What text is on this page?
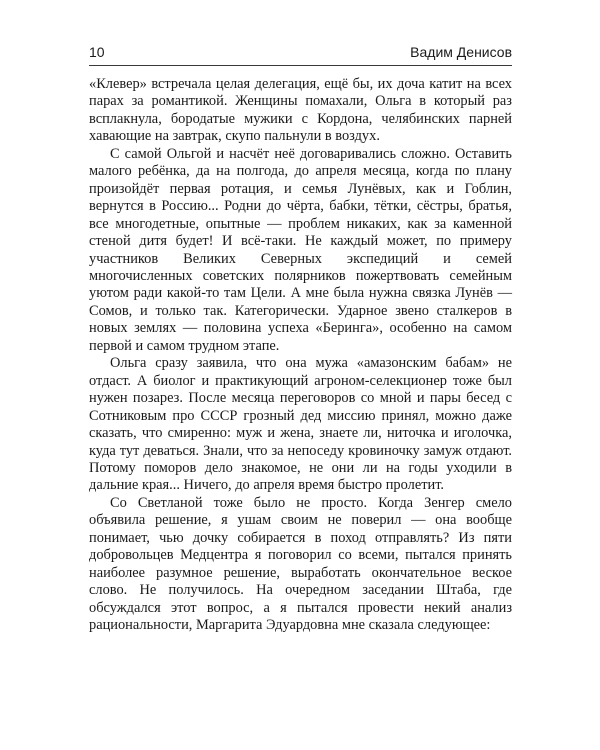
10	Вадим Денисов

«Клевер» встречала целая делегация, ещё бы, их доча катит на всех парах за романтикой. Женщины помахали, Ольга в который раз всплакнула, бородатые мужики с Кордона, челябинских парней хавающие на завтрак, скупо пальнули в воздух.

С самой Ольгой и насчёт неё договаривались сложно. Оставить малого ребёнка, да на полгода, до апреля месяца, когда по плану произойдёт первая ротация, и семья Лунёвых, как и Гоблин, вернутся в Россию... Родни до чёрта, бабки, тётки, сёстры, братья, все многодетные, опытные — проблем никаких, как за каменной стеной дитя будет! И всё-таки. Не каждый может, по примеру участников Великих Северных экспедиций и семей многочисленных советских полярников пожертвовать семейным уютом ради какой-то там Цели. А мне была нужна связка Лунёв — Сомов, и только так. Категорически. Ударное звено сталкеров в новых землях — половина успеха «Беринга», особенно на самом первой и самом трудном этапе.

Ольга сразу заявила, что она мужа «амазонским бабам» не отдаст. А биолог и практикующий агроном-селекционер тоже был нужен позарез. После месяца переговоров со мной и пары бесед с Сотниковым про СССР грозный дед миссию принял, можно даже сказать, что смиренно: муж и жена, знаете ли, ниточка и иголочка, куда тут деваться. Знали, что за непоседу кровиночку замуж отдают. Потому поморов дело знакомое, не они ли на годы уходили в дальние края... Ничего, до апреля время быстро пролетит.

Со Светланой тоже было не просто. Когда Зенгер смело объявила решение, я ушам своим не поверил — она вообще понимает, чью дочку собирается в поход отправлять? Из пяти добровольцев Медцентра я поговорил со всеми, пытался принять наиболее разумное решение, выработать окончательное веское слово. Не получилось. На очередном заседании Штаба, где обсуждался этот вопрос, а я пытался провести некий анализ рациональности, Маргарита Эдуардовна мне сказала следующее:
